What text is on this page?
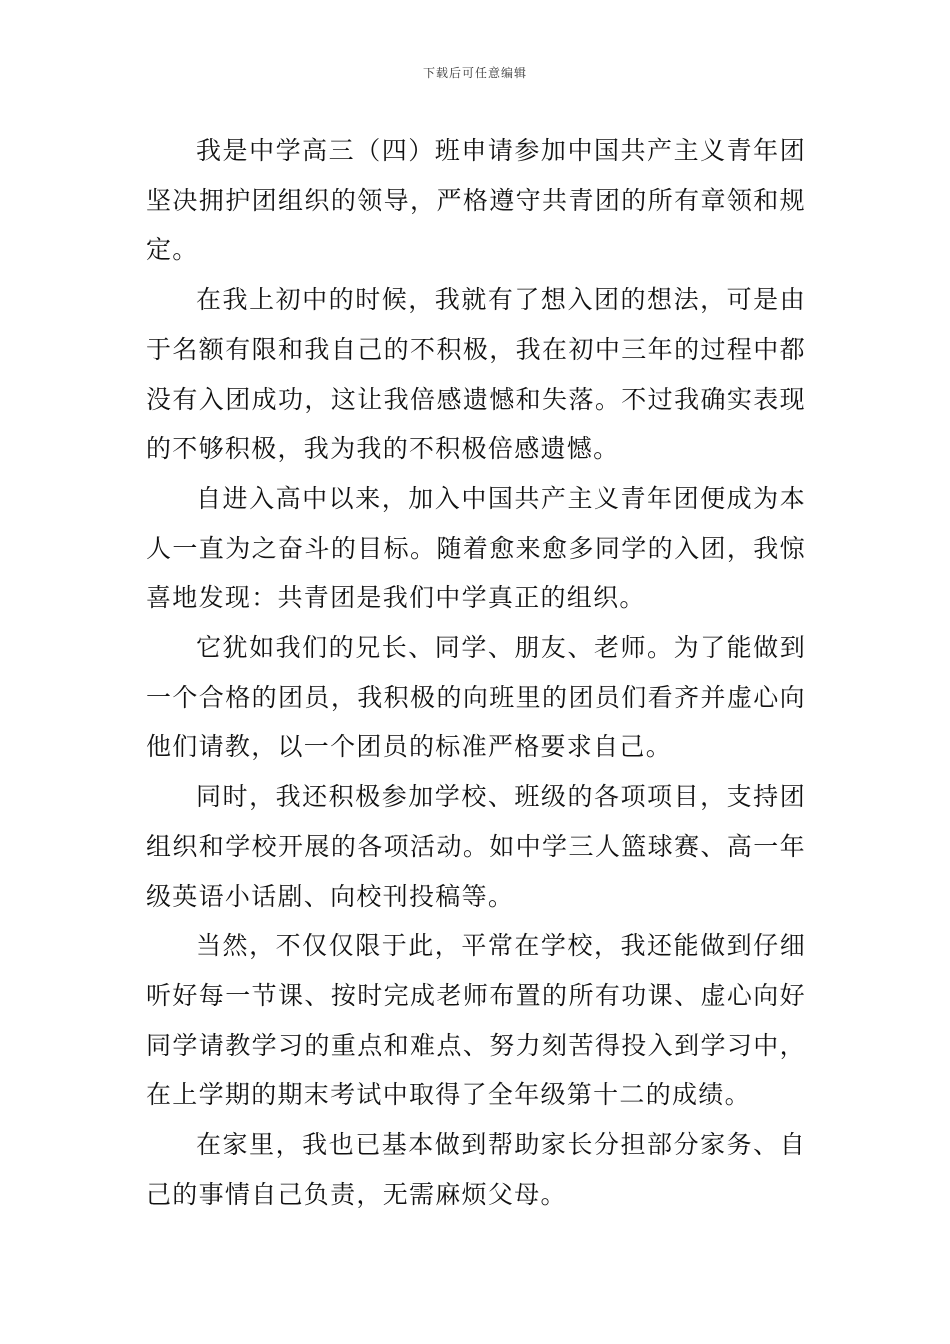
下载后可任意编辑

我是中学高三（四）班申请参加中国共产主义青年团坚决拥护团组织的领导，严格遵守共青团的所有章领和规定。

在我上初中的时候，我就有了想入团的想法，可是由于名额有限和我自己的不积极，我在初中三年的过程中都没有入团成功，这让我倍感遗憾和失落。不过我确实表现的不够积极，我为我的不积极倍感遗憾。

自进入高中以来，加入中国共产主义青年团便成为本人一直为之奋斗的目标。随着愈来愈多同学的入团，我惊喜地发现：共青团是我们中学真正的组织。

它犹如我们的兄长、同学、朋友、老师。为了能做到一个合格的团员，我积极的向班里的团员们看齐并虚心向他们请教，以一个团员的标准严格要求自己。

同时，我还积极参加学校、班级的各项项目，支持团组织和学校开展的各项活动。如中学三人篮球赛、高一年级英语小话剧、向校刊投稿等。

当然，不仅仅限于此，平常在学校，我还能做到仔细听好每一节课、按时完成老师布置的所有功课、虚心向好同学请教学习的重点和难点、努力刻苦得投入到学习中，在上学期的期末考试中取得了全年级第十二的成绩。

在家里，我也已基本做到帮助家长分担部分家务、自己的事情自己负责，无需麻烦父母。
